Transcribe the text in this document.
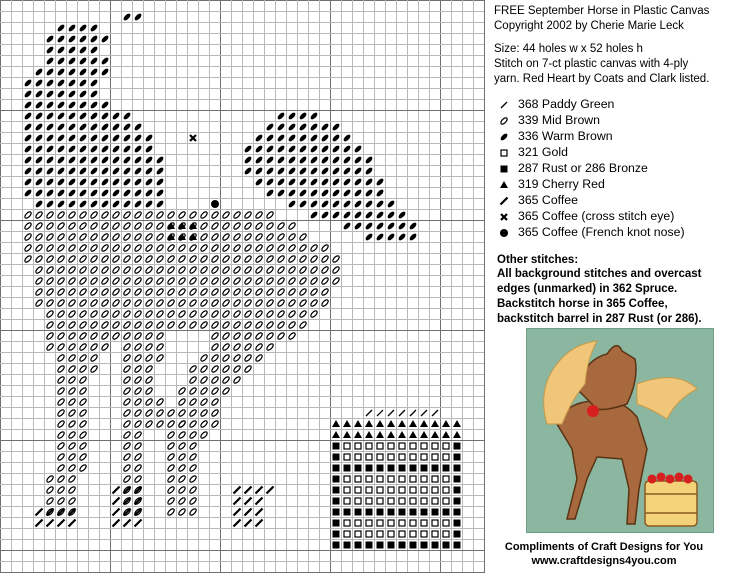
FREE September Horse in Plastic Canvas
Copyright 2002 by Cherie Marie Leck
Size: 44 holes w x 52 holes h
Stitch on 7-ct plastic canvas with 4-ply
yarn. Red Heart by Coats and Clark listed.
368 Paddy Green
339 Mid Brown
336 Warm Brown
321 Gold
287 Rust or 286 Bronze
319 Cherry Red
365 Coffee
365 Coffee (cross stitch eye)
365 Coffee (French knot nose)
Other stitches:
All background stitches and overcast
edges (unmarked) in 362 Spruce.
Backstitch horse in 365 Coffee,
backstitch barrel in 287 Rust (or 286).
Compliments of Craft Designs for You
www.craftdesigns4you.com
